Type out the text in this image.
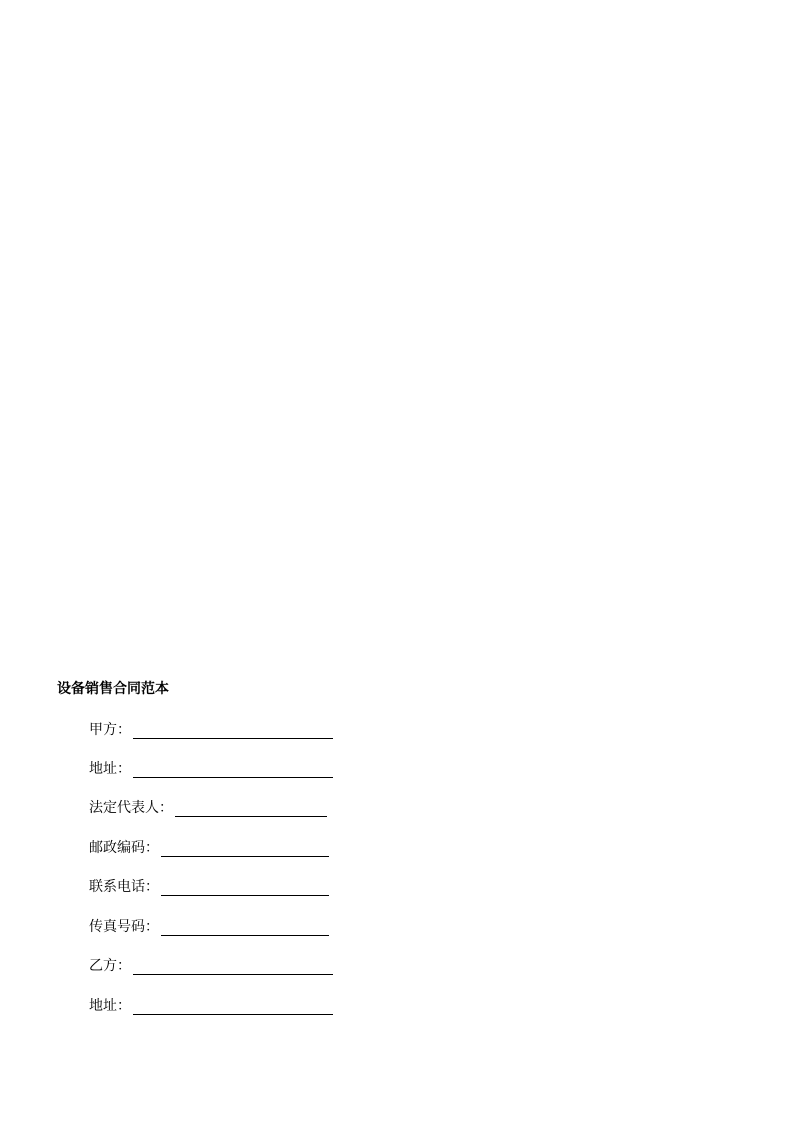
设备销售合同范本
甲方：
地址：
法定代表人：
邮政编码：
联系电话：
传真号码：
乙方：
地址：
